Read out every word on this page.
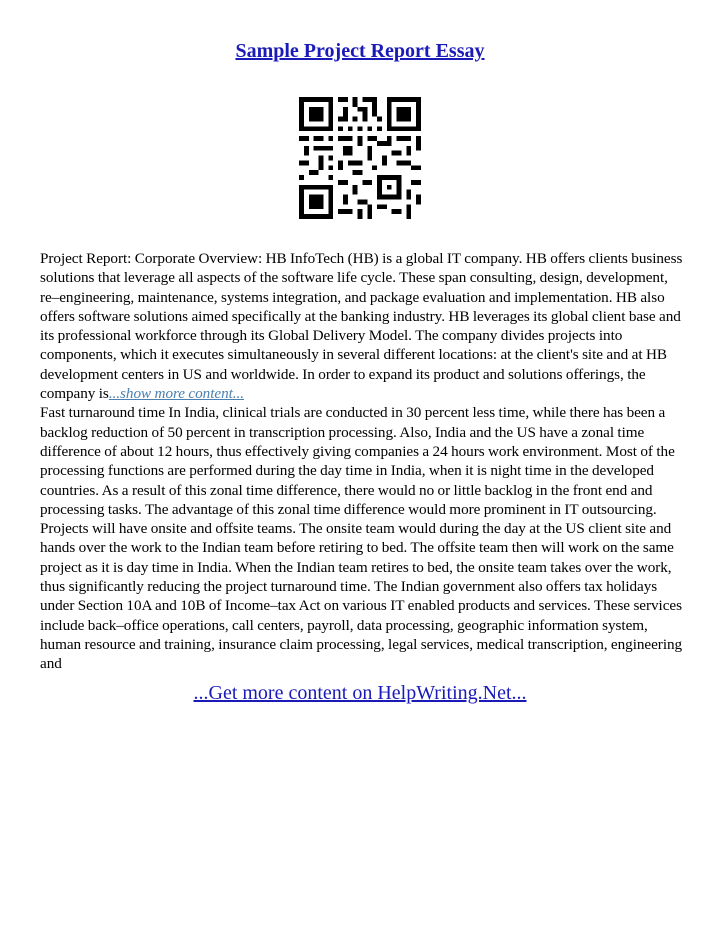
Sample Project Report Essay

Project Report: Corporate Overview: HB InfoTech (HB) is a global IT company. HB offers clients business solutions that leverage all aspects of the software life cycle. These span consulting, design, development, re–engineering, maintenance, systems integration, and package evaluation and implementation. HB also offers software solutions aimed specifically at the banking industry. HB leverages its global client base and its professional workforce through its Global Delivery Model. The company divides projects into components, which it executes simultaneously in several different locations: at the client's site and at HB development centers in US and worldwide. In order to expand its product and solutions offerings, the company is...show more content...

Fast turnaround time In India, clinical trials are conducted in 30 percent less time, while there has been a backlog reduction of 50 percent in transcription processing. Also, India and the US have a zonal time difference of about 12 hours, thus effectively giving companies a 24 hours work environment. Most of the processing functions are performed during the day time in India, when it is night time in the developed countries. As a result of this zonal time difference, there would no or little backlog in the front end and processing tasks. The advantage of this zonal time difference would more prominent in IT outsourcing. Projects will have onsite and offsite teams. The onsite team would during the day at the US client site and hands over the work to the Indian team before retiring to bed. The offsite team then will work on the same project as it is day time in India. When the Indian team retires to bed, the onsite team takes over the work, thus significantly reducing the project turnaround time. The Indian government also offers tax holidays under Section 10A and 10B of Income–tax Act on various IT enabled products and services. These services include back–office operations, call centers, payroll, data processing, geographic information system, human resource and training, insurance claim processing, legal services, medical transcription, engineering and

...Get more content on HelpWriting.Net...
